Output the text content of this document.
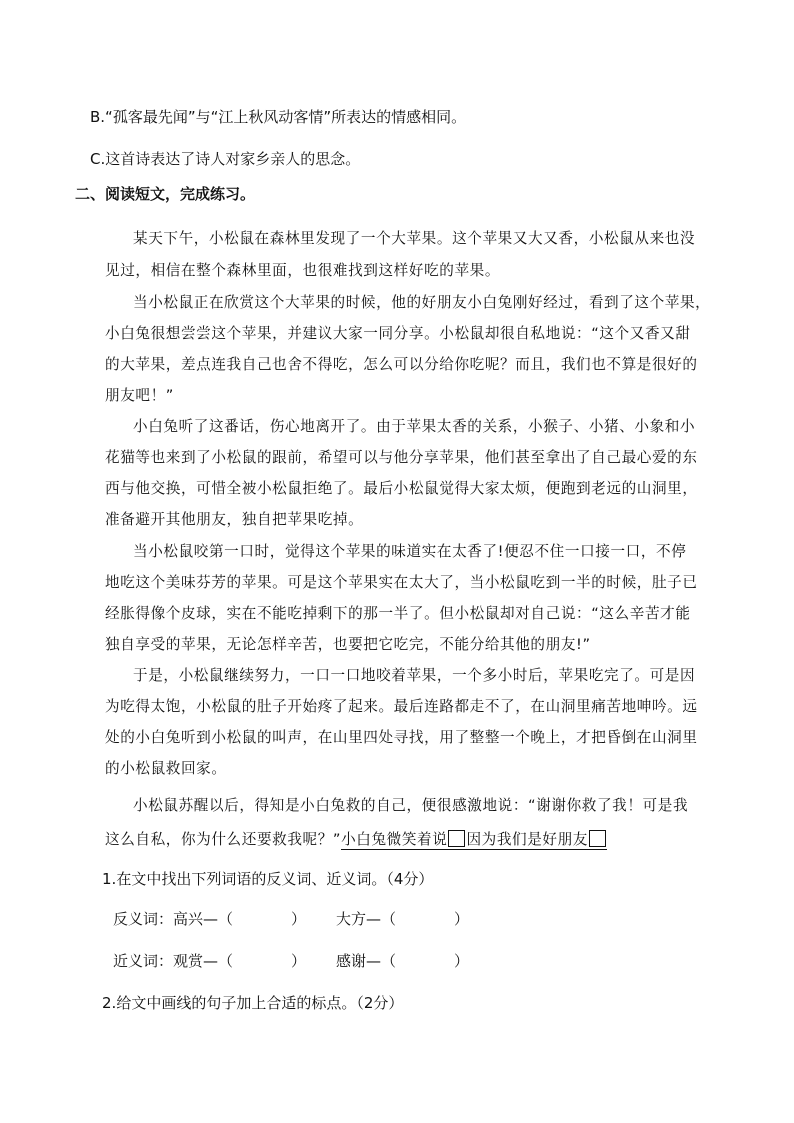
B.“孤客最先闻”与“江上秋风动客情”所表达的情感相同。
C.这首诗表达了诗人对家乡亲人的思念。
二、阅读短文，完成练习。
某天下午，小松鼠在森林里发现了一个大苹果。这个苹果又大又香，小松鼠从来也没
见过，相信在整个森林里面，也很难找到这样好吃的苹果。
当小松鼠正在欣赏这个大苹果的时候，他的好朋友小白兔刚好经过，看到了这个苹果，
小白兔很想尝尝这个苹果，并建议大家一同分享。小松鼠却很自私地说：“这个又香又甜
的大苹果，差点连我自己也舍不得吃，怎么可以分给你吃呢？而且，我们也不算是很好的
朋友吧！”
小白兔听了这番话，伤心地离开了。由于苹果太香的关系，小猴子、小猪、小象和小
花猫等也来到了小松鼠的跟前，希望可以与他分享苹果，他们甚至拿出了自己最心爱的东
西与他交换，可惜全被小松鼠拒绝了。最后小松鼠觉得大家太烦，便跑到老远的山洞里，
准备避开其他朋友，独自把苹果吃掉。
当小松鼠咬第一口时，觉得这个苹果的味道实在太香了!便忍不住一口接一口，不停
地吃这个美味芬芳的苹果。可是这个苹果实在太大了，当小松鼠吃到一半的时候，肚子已
经胀得像个皮球，实在不能吃掉剩下的那一半了。但小松鼠却对自己说：“这么辛苦才能
独自享受的苹果，无论怎样辛苦，也要把它吃完，不能分给其他的朋友!”
于是，小松鼠继续努力，一口一口地咬着苹果，一个多小时后，苹果吃完了。可是因
为吃得太饱，小松鼠的肚子开始疼了起来。最后连路都走不了，在山洞里痛苦地呻吟。远
处的小白兔听到小松鼠的叫声，在山里四处寻找，用了整整一个晚上，才把昏倒在山洞里
的小松鼠救回家。
小松鼠苏醒以后，得知是小白兔救的自己，便很感激地说：“谢谢你救了我！可是我
这么自私，你为什么还要救我呢？”小白兔微笑着说 因为我们是好朋友
1.在文中找出下列词语的反义词、近义词。（4分）
反义词：高兴—（	） 大方—（	）
近义词：观赏—（	） 感谢—（	）
2.给文中画线的句子加上合适的标点。（2分）
